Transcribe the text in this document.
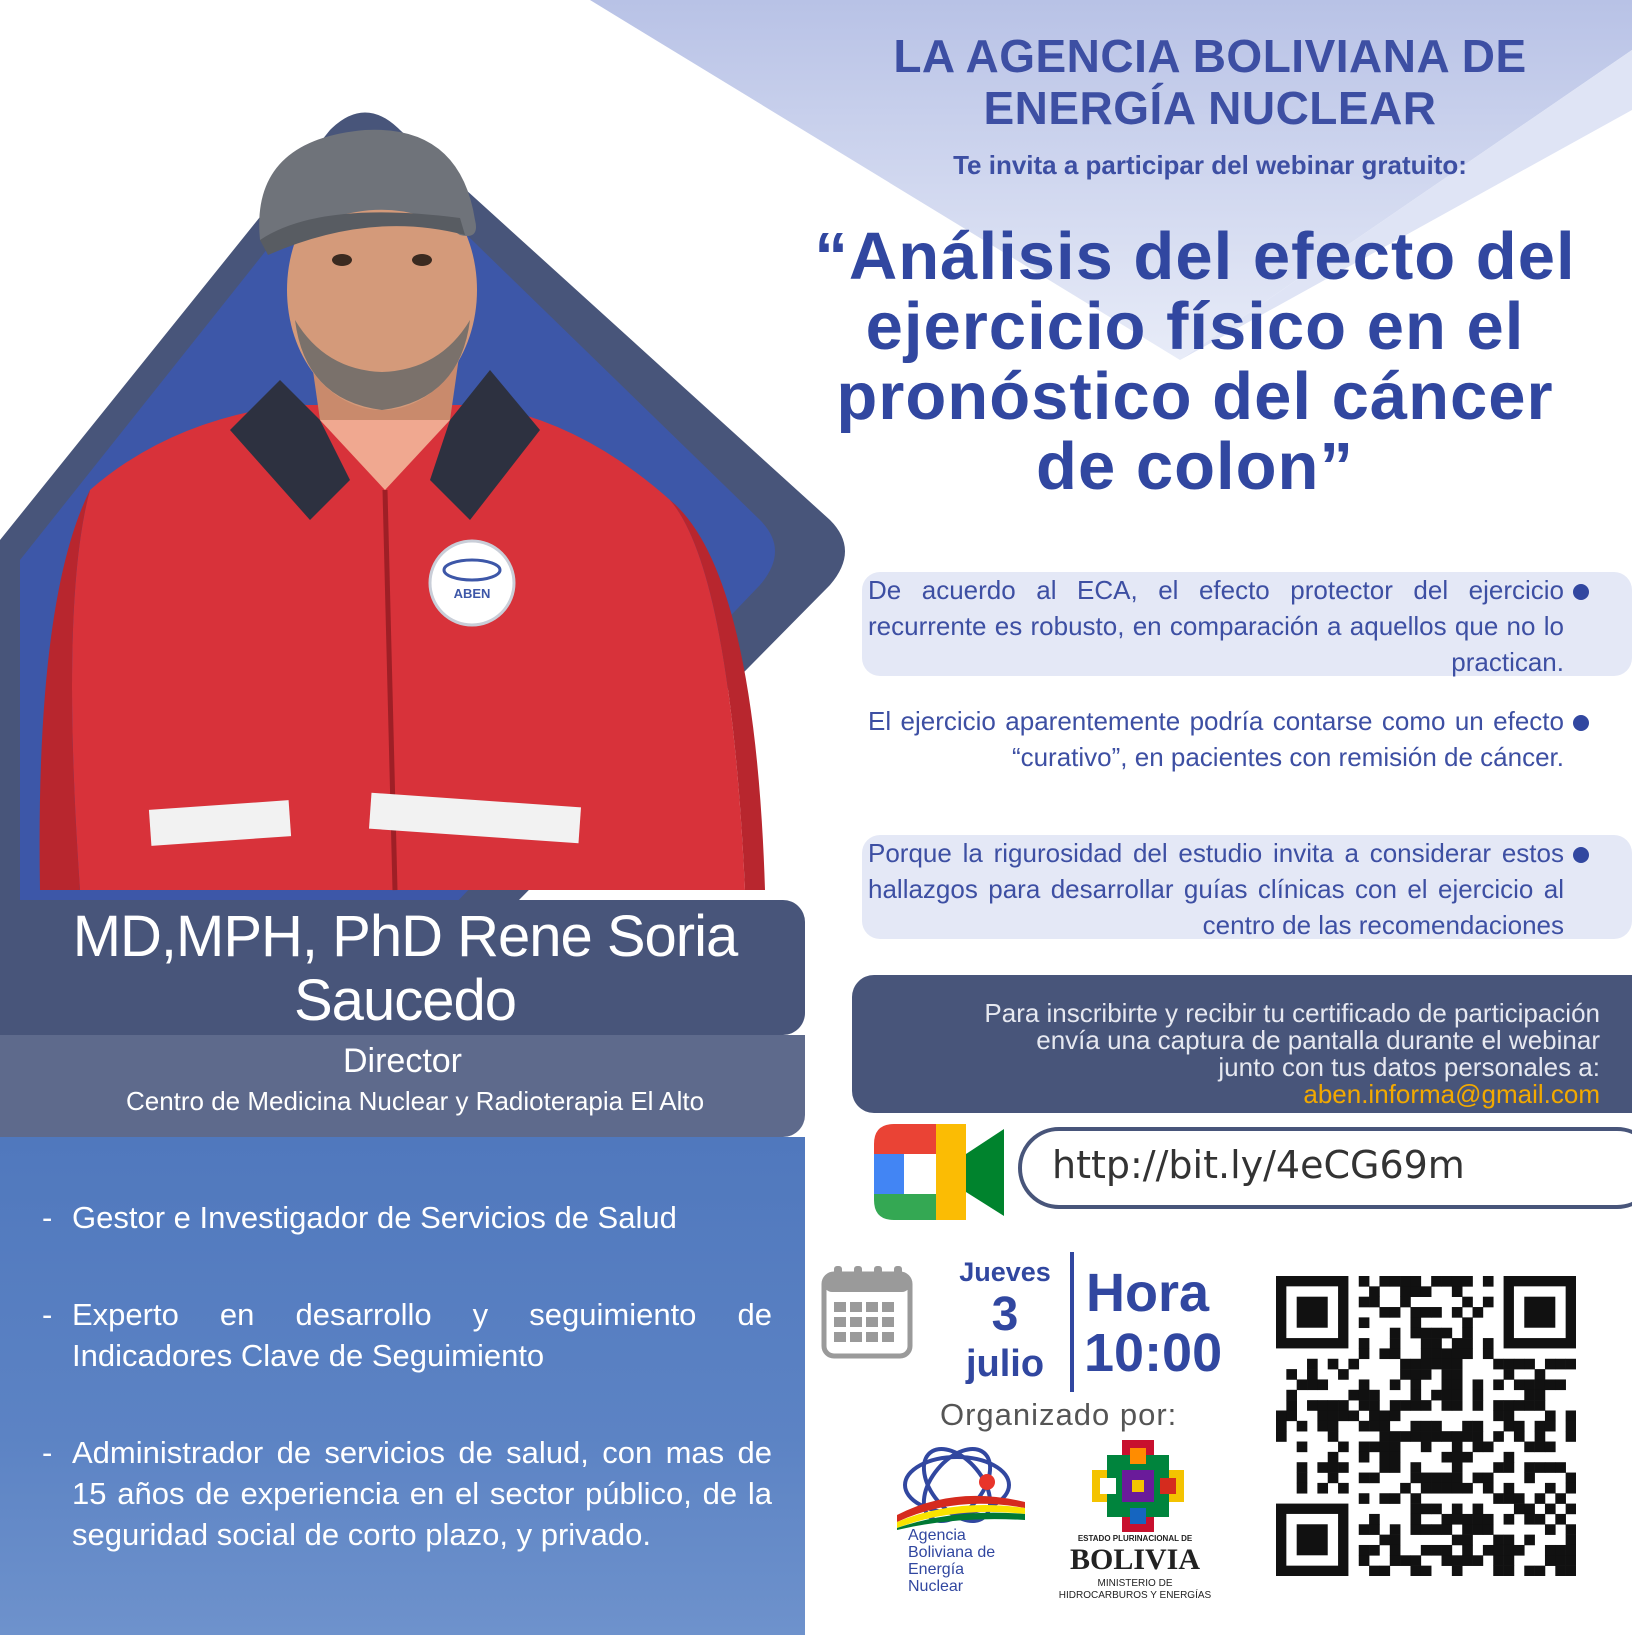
ABEN
LA AGENCIA BOLIVIANA DE
ENERGÍA NUCLEAR
Te invita a participar del webinar gratuito:
“Análisis del efecto del
ejercicio físico en el
pronóstico del cáncer
de colon”
De acuerdo al ECA, el efecto protector del ejercicio recurrente es robusto, en comparación a aquellos que no lo practican.
El ejercicio aparentemente podría contarse como un efecto “curativo”, en pacientes con remisión de cáncer.
Porque la rigurosidad del estudio invita a considerar estos hallazgos para desarrollar guías clínicas con el ejercicio al centro de las recomendaciones
MD,MPH, PhD Rene Soria
Saucedo
Director
Centro de Medicina Nuclear y Radioterapia El Alto
- Gestor e Investigador de Servicios de Salud
- Experto en desarrollo y seguimiento de Indicadores Clave de Seguimiento
- Administrador de servicios de salud, con mas de 15 años de experiencia en el sector público, de la seguridad social de corto plazo, y privado.
Para inscribirte y recibir tu certificado de participación
envía una captura de pantalla durante el webinar
junto con tus datos personales a:
aben.informa@gmail.com
http://bit.ly/4eCG69m
Jueves
3
julio
Hora
10:00
Organizado por:
Agencia
Boliviana de
Energía
Nuclear
ESTADO PLURINACIONAL DE
BOLIVIA
MINISTERIO DE
HIDROCARBUROS Y ENERGÍAS
